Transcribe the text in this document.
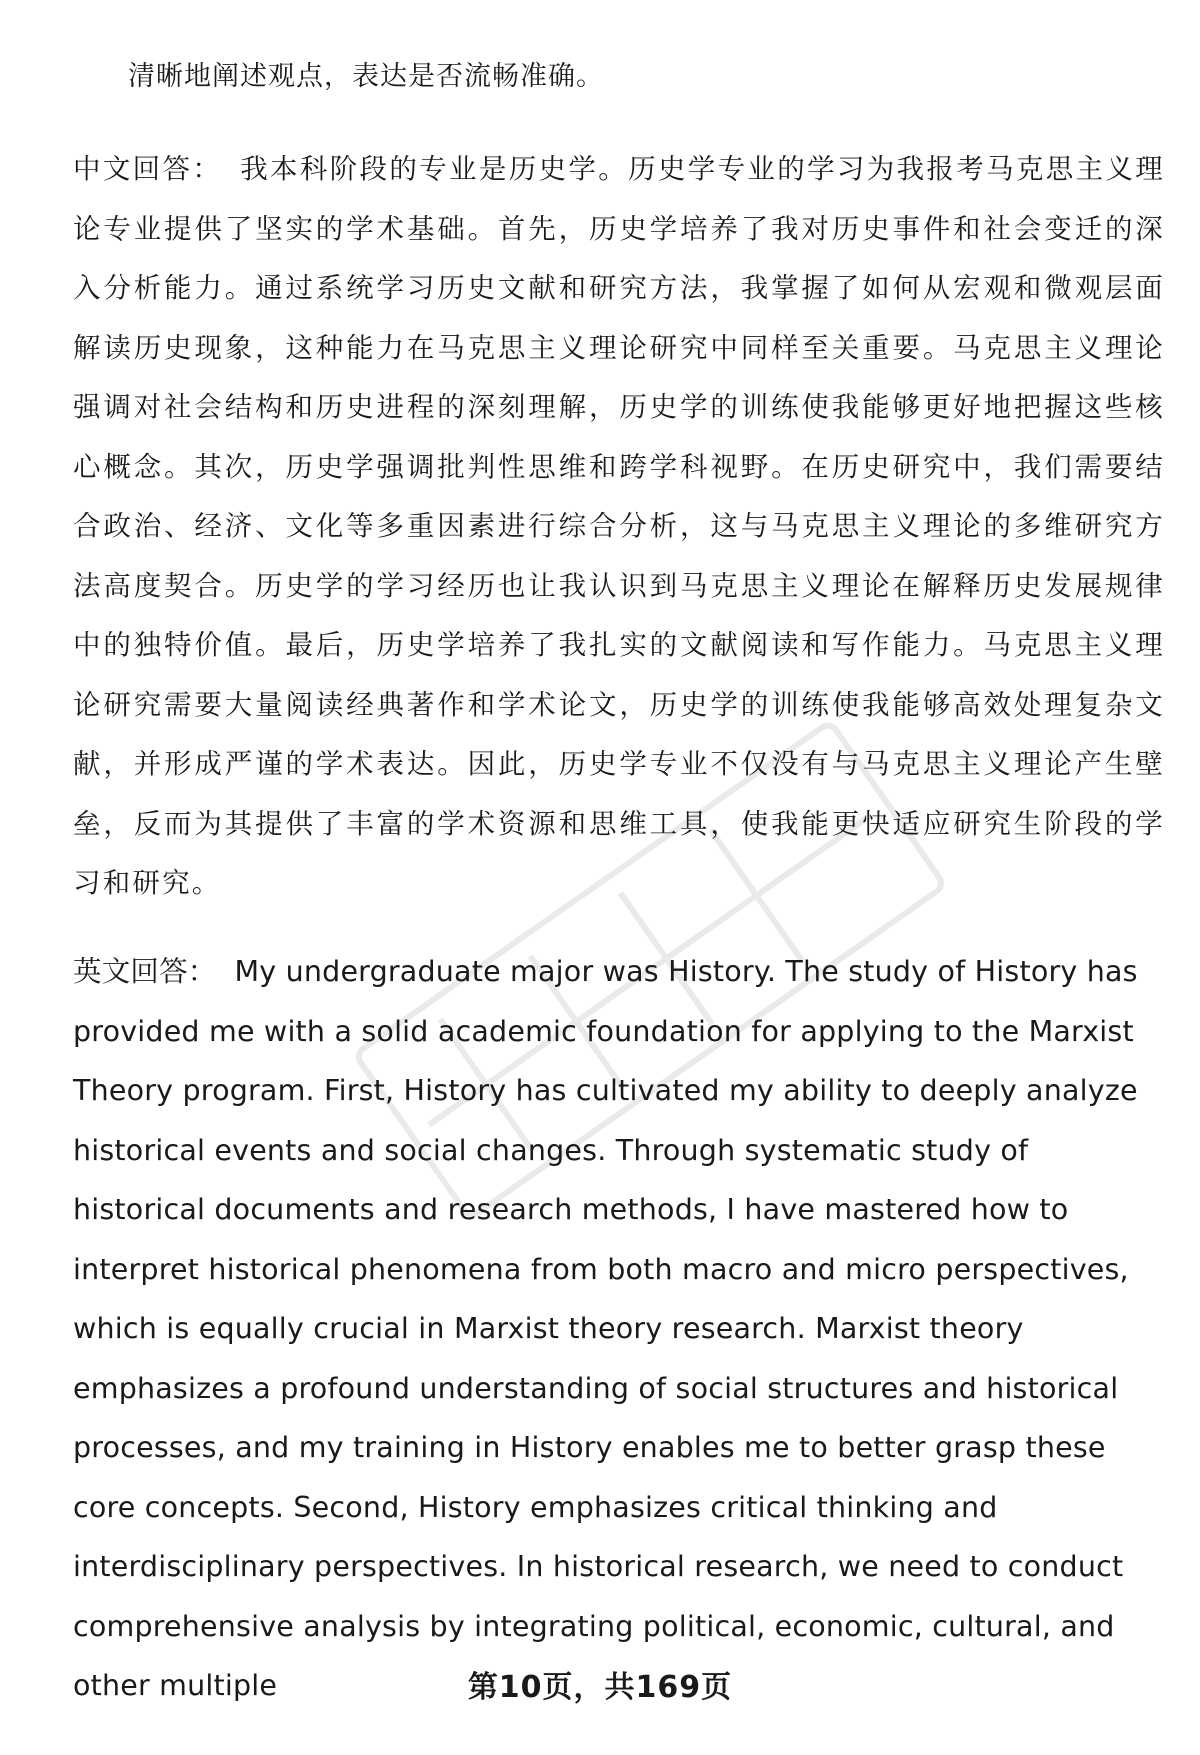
清晰地阐述观点，表达是否流畅准确。
中文回答： 我本科阶段的专业是历史学。历史学专业的学习为我报考马克思主义理论专业提供了坚实的学术基础。首先，历史学培养了我对历史事件和社会变迁的深入分析能力。通过系统学习历史文献和研究方法，我掌握了如何从宏观和微观层面解读历史现象，这种能力在马克思主义理论研究中同样至关重要。马克思主义理论强调对社会结构和历史进程的深刻理解，历史学的训练使我能够更好地把握这些核心概念。其次，历史学强调批判性思维和跨学科视野。在历史研究中，我们需要结合政治、经济、文化等多重因素进行综合分析，这与马克思主义理论的多维研究方法高度契合。历史学的学习经历也让我认识到马克思主义理论在解释历史发展规律中的独特价值。最后，历史学培养了我扎实的文献阅读和写作能力。马克思主义理论研究需要大量阅读经典著作和学术论文，历史学的训练使我能够高效处理复杂文献，并形成严谨的学术表达。因此，历史学专业不仅没有与马克思主义理论产生壁垒，反而为其提供了丰富的学术资源和思维工具，使我能更快适应研究生阶段的学习和研究。
英文回答： My undergraduate major was History. The study of History has provided me with a solid academic foundation for applying to the Marxist Theory program. First, History has cultivated my ability to deeply analyze historical events and social changes. Through systematic study of historical documents and research methods, I have mastered how to interpret historical phenomena from both macro and micro perspectives, which is equally crucial in Marxist theory research. Marxist theory emphasizes a profound understanding of social structures and historical processes, and my training in History enables me to better grasp these core concepts. Second, History emphasizes critical thinking and interdisciplinary perspectives. In historical research, we need to conduct comprehensive analysis by integrating political, economic, cultural, and other multiple	第10页，共169页
